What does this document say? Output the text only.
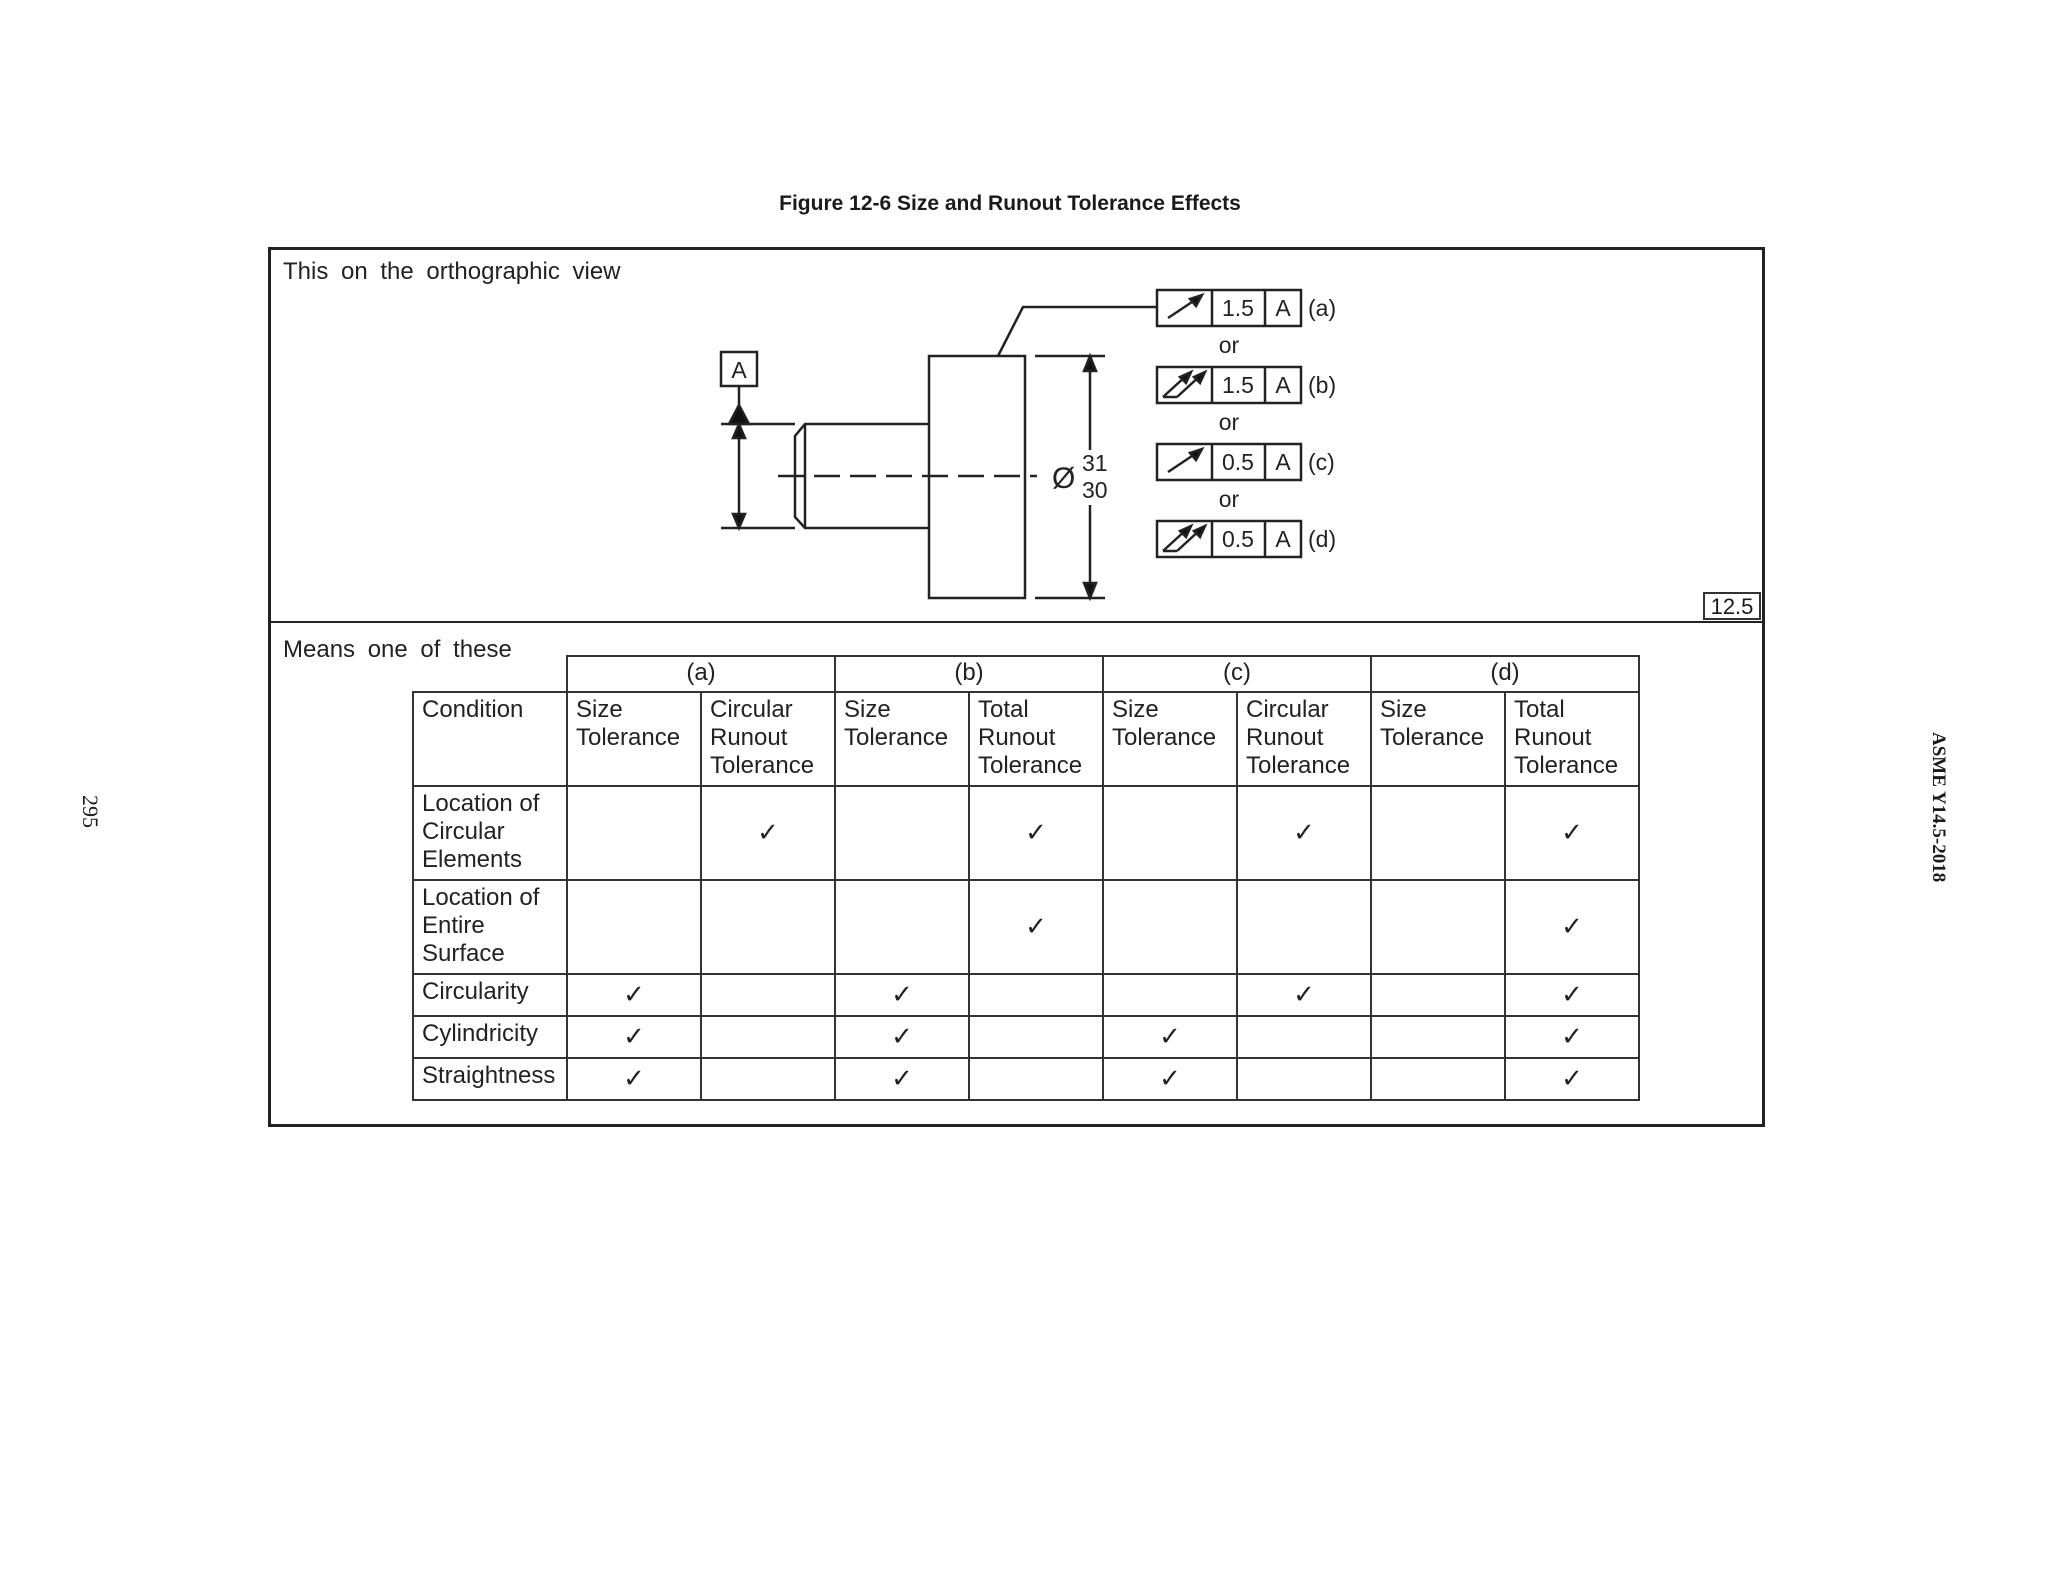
Figure 12-6 Size and Runout Tolerance Effects
This on the orthographic view
Means one of these
12.5
295	ASME Y14.5-2018
A
Ø 31
30
1.5 A (a)
or
1.5 A (b)
or
0.5 A (c)
or
0.5 A (d)
	(a)		(b)		(c)		(d)	
Condition	Size Tolerance	Circular Runout Tolerance	Size Tolerance	Total Runout Tolerance	Size Tolerance	Circular Runout Tolerance	Size Tolerance	Total Runout Tolerance
Location of Circular Elements		✓		✓		✓		✓
Location of Entire Surface				✓				✓
Circularity	✓		✓			✓		✓
Cylindricity	✓		✓		✓			✓
Straightness	✓		✓		✓			✓
